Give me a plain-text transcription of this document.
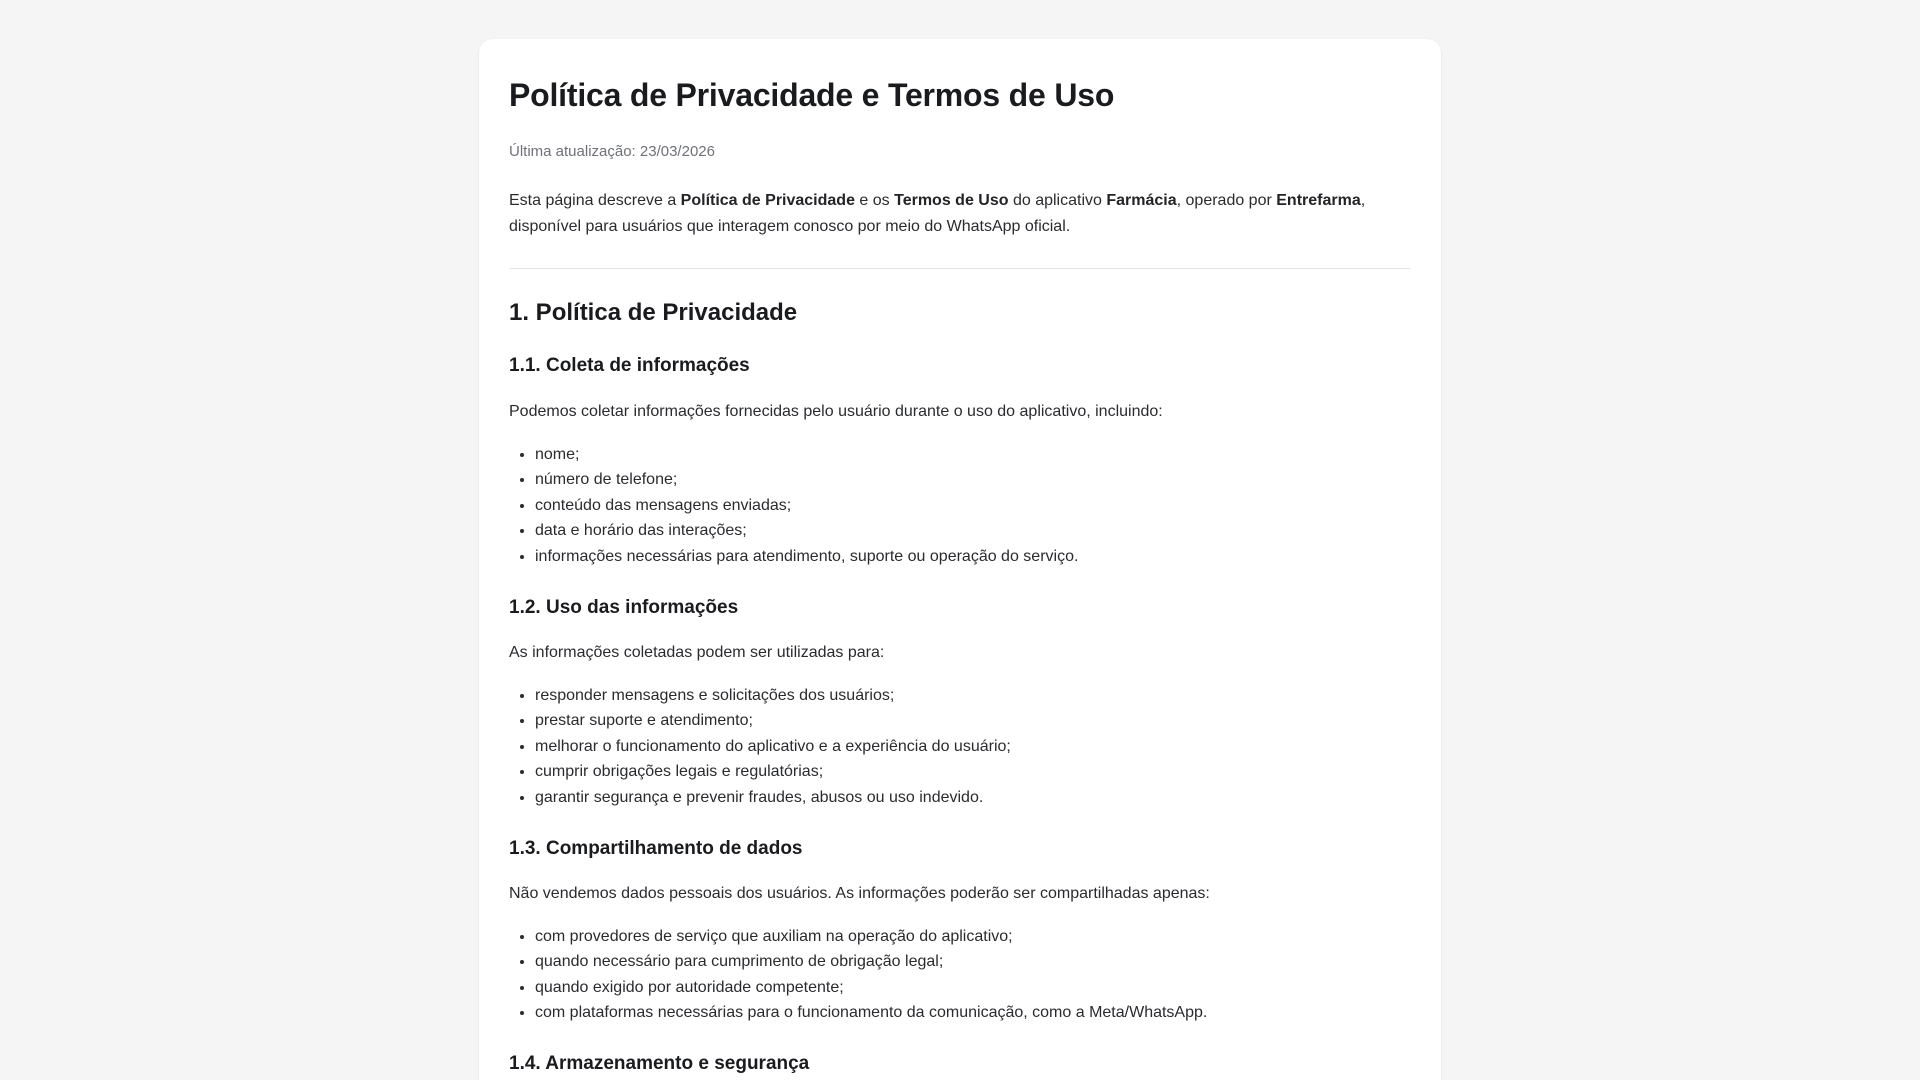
Política de Privacidade e Termos de Uso

Última atualização: 23/03/2026

Esta página descreve a Política de Privacidade e os Termos de Uso do aplicativo Farmácia, operado por Entrefarma, disponível para usuários que interagem conosco por meio do WhatsApp oficial.

1. Política de Privacidade
1.1. Coleta de informações

Podemos coletar informações fornecidas pelo usuário durante o uso do aplicativo, incluindo:

• nome;
• número de telefone;
• conteúdo das mensagens enviadas;
• data e horário das interações;
• informações necessárias para atendimento, suporte ou operação do serviço.
1.2. Uso das informações

As informações coletadas podem ser utilizadas para:

• responder mensagens e solicitações dos usuários;
• prestar suporte e atendimento;
• melhorar o funcionamento do aplicativo e a experiência do usuário;
• cumprir obrigações legais e regulatórias;
• garantir segurança e prevenir fraudes, abusos ou uso indevido.
1.3. Compartilhamento de dados

Não vendemos dados pessoais dos usuários. As informações poderão ser compartilhadas apenas:

• com provedores de serviço que auxiliam na operação do aplicativo;
• quando necessário para cumprimento de obrigação legal;
• quando exigido por autoridade competente;
• com plataformas necessárias para o funcionamento da comunicação, como a Meta/WhatsApp.
1.4. Armazenamento e segurança
